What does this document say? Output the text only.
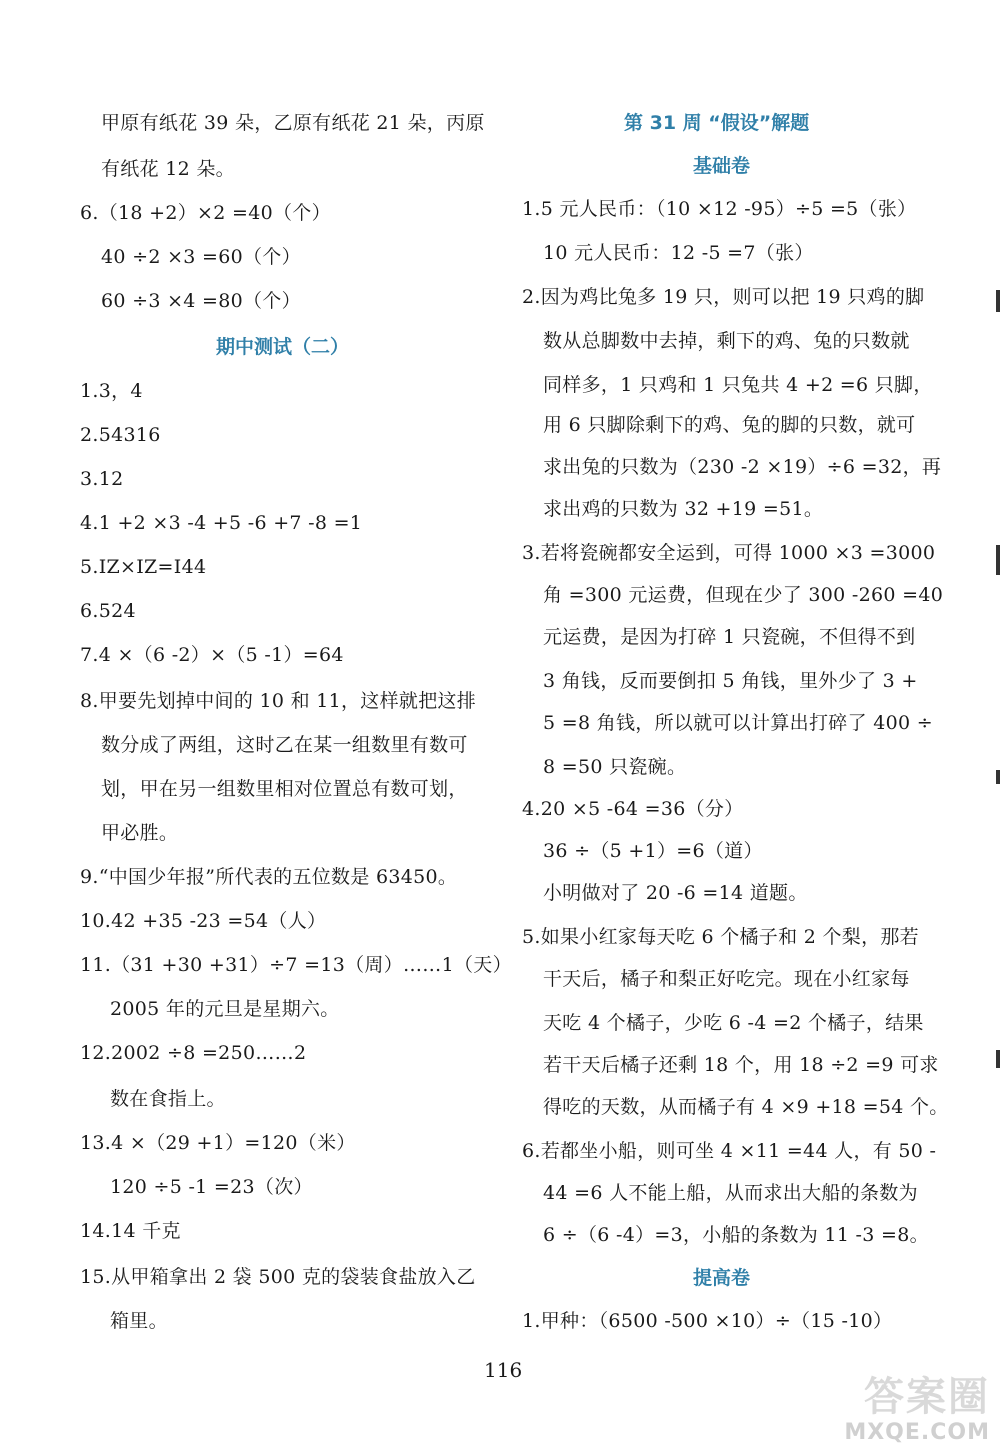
甲原有纸花 39 朵，乙原有纸花 21 朵，丙原
有纸花 12 朵。
6.（18 +2）×2 =40（个）
40 ÷2 ×3 =60（个）
60 ÷3 ×4 =80（个）
期中测试（二）
1.3，4
2.54316
3.12
4.1 +2 ×3 -4 +5 -6 +7 -8 =1
5.IZ×IZ=I44
6.524
7.4 ×（6 -2）×（5 -1）=64
8.甲要先划掉中间的 10 和 11，这样就把这排
数分成了两组，这时乙在某一组数里有数可
划，甲在另一组数里相对位置总有数可划，
甲必胜。
9.“中国少年报”所代表的五位数是 63450。
10.42 +35 -23 =54（人）
11.（31 +30 +31）÷7 =13（周）……1（天）
2005 年的元旦是星期六。
12.2002 ÷8 =250……2
数在食指上。
13.4 ×（29 +1）=120（米）
120 ÷5 -1 =23（次）
14.14 千克
15.从甲箱拿出 2 袋 500 克的袋装食盐放入乙
箱里。
第 31 周 “假设”解题
基础卷
1.5 元人民币：（10 ×12 -95）÷5 =5（张）
10 元人民币：12 -5 =7（张）
2.因为鸡比兔多 19 只，则可以把 19 只鸡的脚
数从总脚数中去掉，剩下的鸡、兔的只数就
同样多，1 只鸡和 1 只兔共 4 +2 =6 只脚，
用 6 只脚除剩下的鸡、兔的脚的只数，就可
求出兔的只数为（230 -2 ×19）÷6 =32，再
求出鸡的只数为 32 +19 =51。
3.若将瓷碗都安全运到，可得 1000 ×3 =3000
角 =300 元运费，但现在少了 300 -260 =40
元运费，是因为打碎 1 只瓷碗，不但得不到
3 角钱，反而要倒扣 5 角钱，里外少了 3 +
5 =8 角钱，所以就可以计算出打碎了 400 ÷
8 =50 只瓷碗。
4.20 ×5 -64 =36（分）
36 ÷（5 +1）=6（道）
小明做对了 20 -6 =14 道题。
5.如果小红家每天吃 6 个橘子和 2 个梨，那若
干天后，橘子和梨正好吃完。现在小红家每
天吃 4 个橘子，少吃 6 -4 =2 个橘子，结果
若干天后橘子还剩 18 个，用 18 ÷2 =9 可求
得吃的天数，从而橘子有 4 ×9 +18 =54 个。
6.若都坐小船，则可坐 4 ×11 =44 人，有 50 -
44 =6 人不能上船，从而求出大船的条数为
6 ÷（6 -4）=3，小船的条数为 11 -3 =8。
提高卷
1.甲种：（6500 -500 ×10）÷（15 -10）
116
答案圈
MXQE.COM
